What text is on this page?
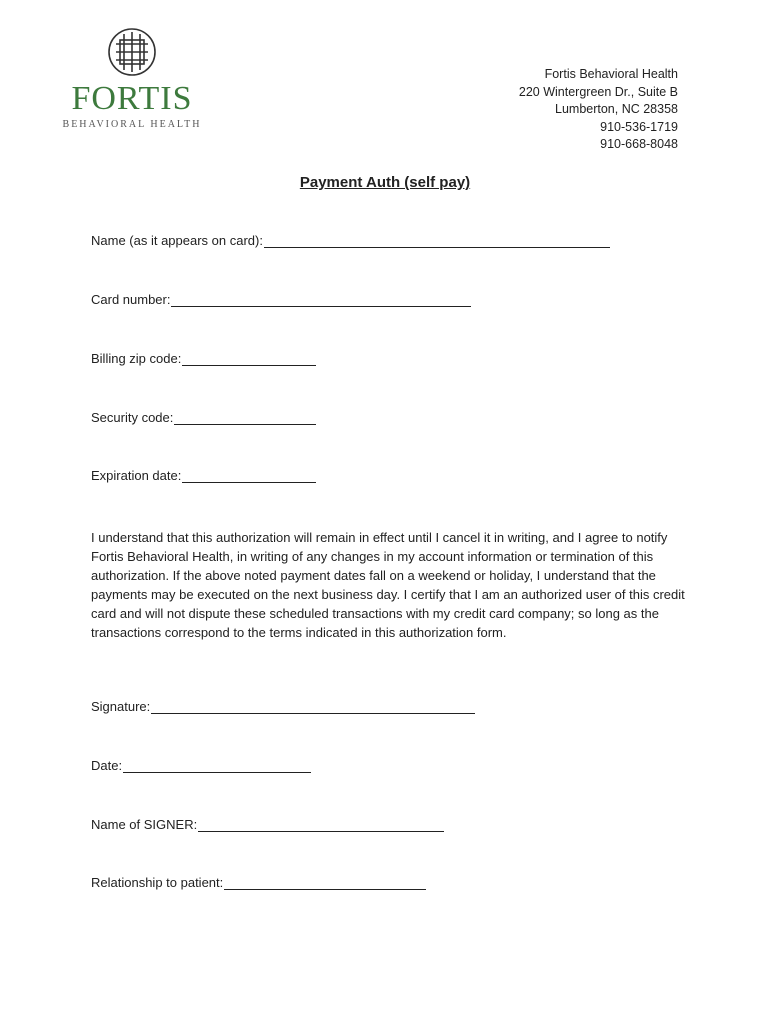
FORTIS
BEHAVIORAL HEALTH
Fortis Behavioral Health
220 Wintergreen Dr., Suite B
Lumberton, NC 28358
910-536-1719
910-668-8048
Payment Auth (self pay)
Name (as it appears on card):
Card number:
Billing zip code:
Security code:
Expiration date:
I understand that this authorization will remain in effect until I cancel it in writing, and I agree to notify Fortis Behavioral Health, in writing of any changes in my account information or termination of this authorization. If the above noted payment dates fall on a weekend or holiday, I understand that the payments may be executed on the next business day. I certify that I am an authorized user of this credit card and will not dispute these scheduled transactions with my credit card company; so long as the transactions correspond to the terms indicated in this authorization form.
Signature:
Date:
Name of SIGNER:
Relationship to patient:
